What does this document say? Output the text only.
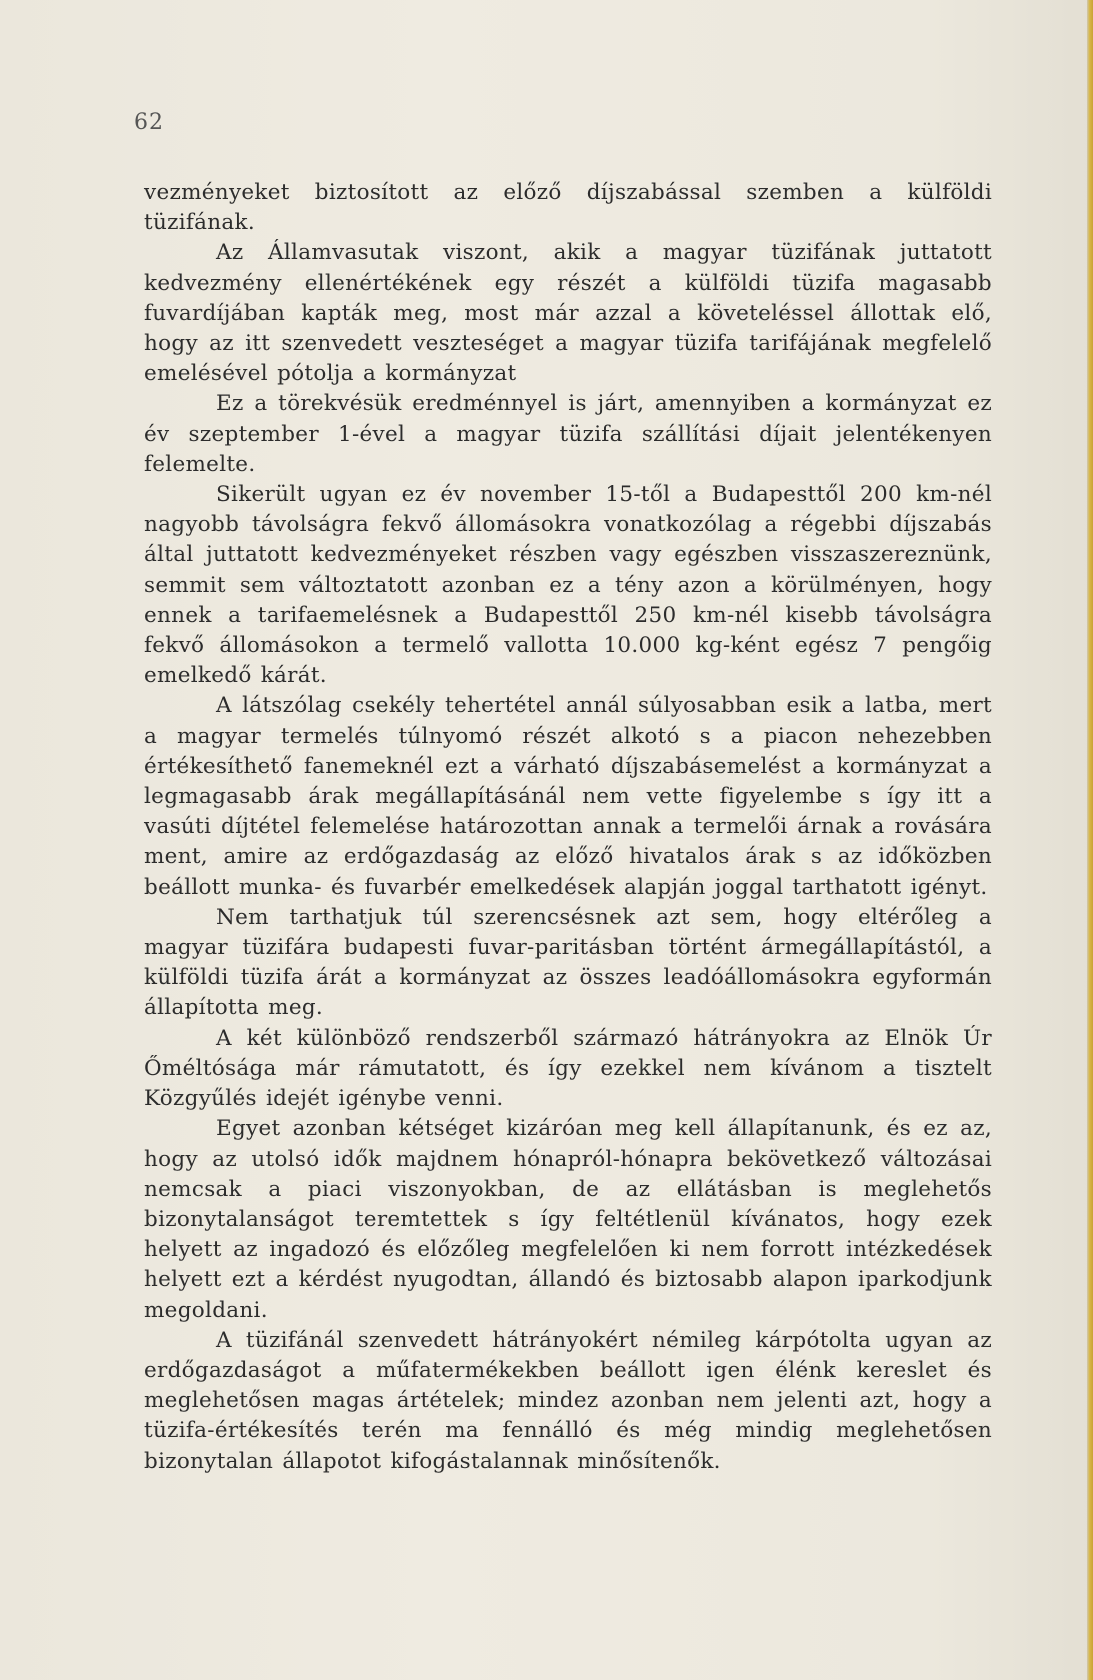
62

vezményeket biztosított az előző díjszabással szemben a külföldi tüzifának.

Az Államvasutak viszont, akik a magyar tüzifának juttatott kedvezmény ellenértékének egy részét a külföldi tüzifa magasabb fuvardíjában kapták meg, most már azzal a követeléssel állottak elő, hogy az itt szenvedett veszteséget a magyar tüzifa tarifájának megfelelő emelésével pótolja a kormányzat

Ez a törekvésük eredménnyel is járt, amennyiben a kormányzat ez év szeptember 1-ével a magyar tüzifa szállítási díjait jelentékenyen felemelte.

Sikerült ugyan ez év november 15-től a Budapesttől 200 km-nél nagyobb távolságra fekvő állomásokra vonatkozólag a régebbi díjszabás által juttatott kedvezményeket részben vagy egészben visszaszereznünk, semmit sem változtatott azonban ez a tény azon a körülményen, hogy ennek a tarifaemelésnek a Budapesttől 250 km-nél kisebb távolságra fekvő állomásokon a termelő vallotta 10.000 kg-ként egész 7 pengőig emelkedő kárát.

A látszólag csekély tehertétel annál súlyosabban esik a latba, mert a magyar termelés túlnyomó részét alkotó s a piacon nehezebben értékesíthető fanemeknél ezt a várható díjszabásemelést a kormányzat a legmagasabb árak megállapításánál nem vette figyelembe s így itt a vasúti díjtétel felemelése határozottan annak a termelői árnak a rovására ment, amire az erdőgazdaság az előző hivatalos árak s az időközben beállott munka- és fuvarbér emelkedések alapján joggal tarthatott igényt.

Nem tarthatjuk túl szerencsésnek azt sem, hogy eltérőleg a magyar tüzifára budapesti fuvar-paritásban történt ármegállapítástól, a külföldi tüzifa árát a kormányzat az összes leadóállomásokra egyformán állapította meg.

A két különböző rendszerből származó hátrányokra az Elnök Úr Őméltósága már rámutatott, és így ezekkel nem kívánom a tisztelt Közgyűlés idejét igénybe venni.

Egyet azonban kétséget kizáróan meg kell állapítanunk, és ez az, hogy az utolsó idők majdnem hónapról-hónapra bekövetkező változásai nemcsak a piaci viszonyokban, de az ellátásban is meglehetős bizonytalanságot teremtettek s így feltétlenül kívánatos, hogy ezek helyett az ingadozó és előzőleg megfelelően ki nem forrott intézkedések helyett ezt a kérdést nyugodtan, állandó és biztosabb alapon iparkodjunk megoldani.

A tüzifánál szenvedett hátrányokért némileg kárpótolta ugyan az erdőgazdaságot a műfatermékekben beállott igen élénk kereslet és meglehetősen magas ártételek; mindez azonban nem jelenti azt, hogy a tüzifa-értékesítés terén ma fennálló és még mindig meglehetősen bizonytalan állapotot kifogástalannak minősítenők.
